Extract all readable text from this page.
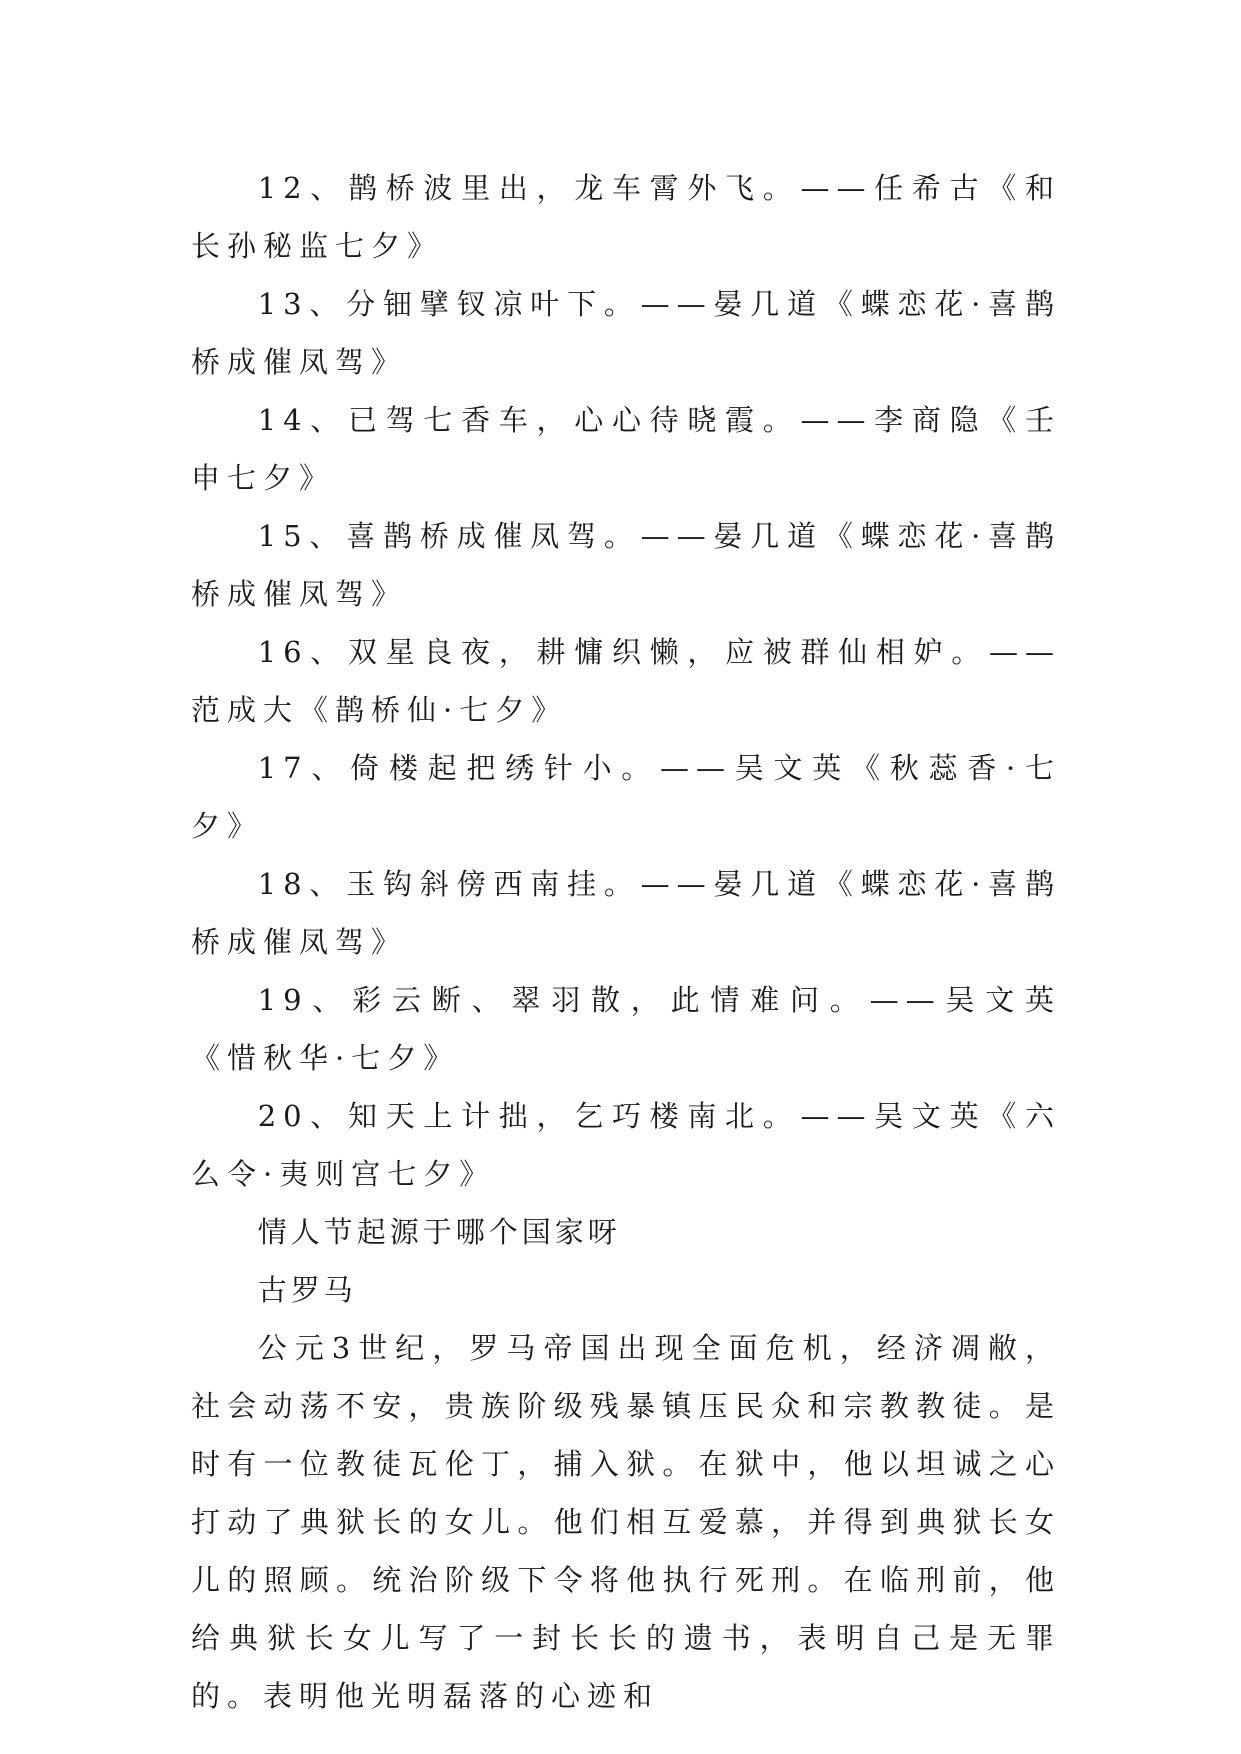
12、鹊桥波里出，龙车霄外飞。——任希古《和长孙秘监七夕》

13、分钿擘钗凉叶下。——晏几道《蝶恋花·喜鹊桥成催凤驾》

14、已驾七香车，心心待晓霞。——李商隐《壬申七夕》

15、喜鹊桥成催凤驾。——晏几道《蝶恋花·喜鹊桥成催凤驾》

16、双星良夜，耕慵织懒，应被群仙相妒。——范成大《鹊桥仙·七夕》

17、倚楼起把绣针小。——吴文英《秋蕊香·七夕》

18、玉钩斜傍西南挂。——晏几道《蝶恋花·喜鹊桥成催凤驾》

19、彩云断、翠羽散，此情难问。——吴文英《惜秋华·七夕》

20、知天上计拙，乞巧楼南北。——吴文英《六么令·夷则宫七夕》

情人节起源于哪个国家呀

古罗马

公元3世纪，罗马帝国出现全面危机，经济凋敝，社会动荡不安，贵族阶级残暴镇压民众和宗教教徒。是时有一位教徒瓦伦丁，捕入狱。在狱中，他以坦诚之心打动了典狱长的女儿。他们相互爱慕，并得到典狱长女儿的照顾。统治阶级下令将他执行死刑。在临刑前，他给典狱长女儿写了一封长长的遗书，表明自己是无罪的。表明他光明磊落的心迹和
